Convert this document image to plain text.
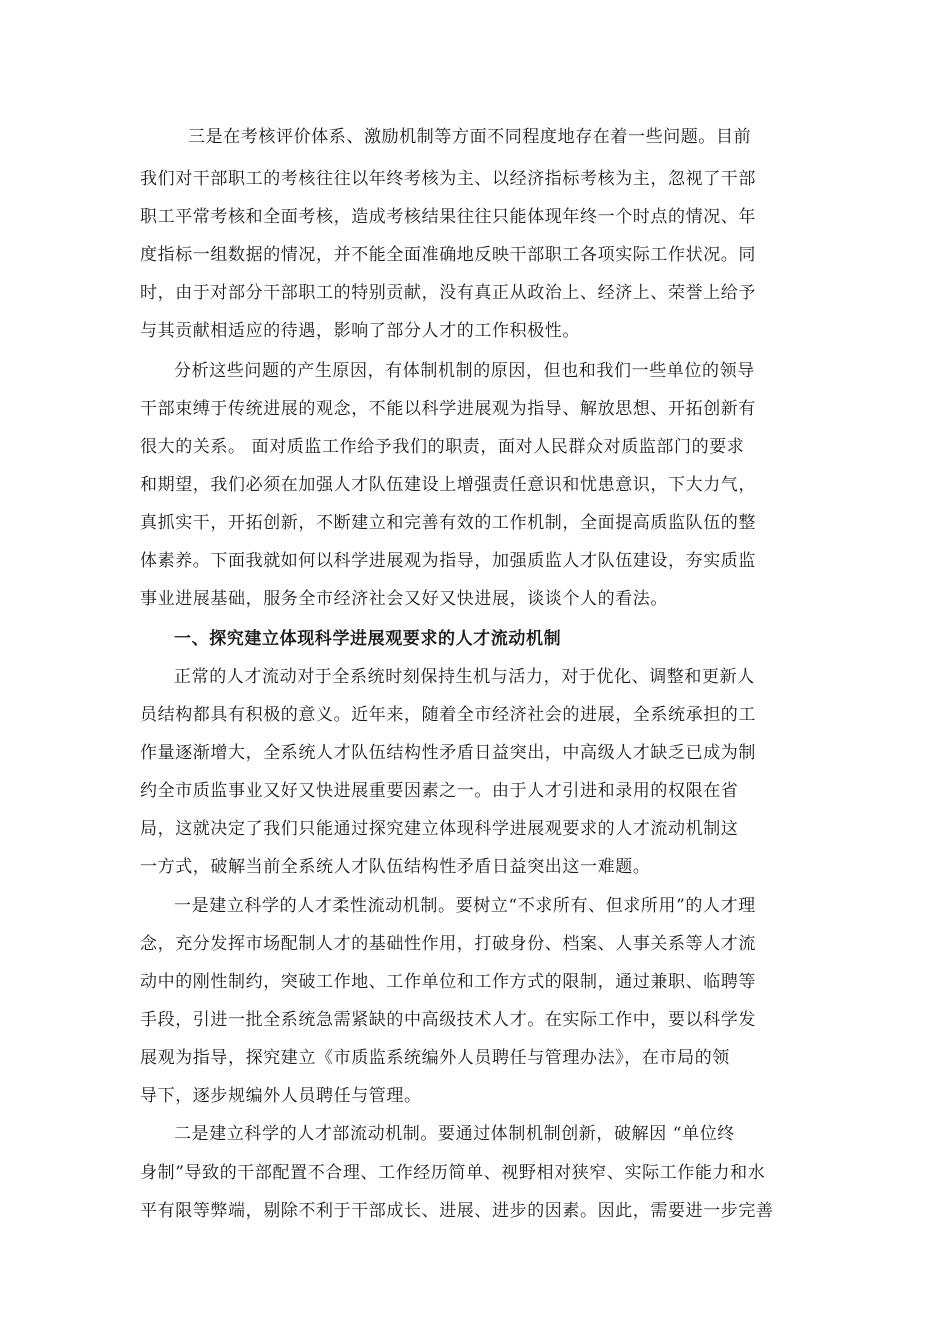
三是在考核评价体系、激励机制等方面不同程度地存在着一些问题。目前
我们对干部职工的考核往往以年终考核为主、以经济指标考核为主，忽视了干部
职工平常考核和全面考核，造成考核结果往往只能体现年终一个时点的情况、年
度指标一组数据的情况，并不能全面准确地反映干部职工各项实际工作状况。同
时，由于对部分干部职工的特别贡献，没有真正从政治上、经济上、荣誉上给予
与其贡献相适应的待遇，影响了部分人才的工作积极性。
分析这些问题的产生原因，有体制机制的原因，但也和我们一些单位的领导
干部束缚于传统进展的观念，不能以科学进展观为指导、解放思想、开拓创新有
很大的关系。 面对质监工作给予我们的职责，面对人民群众对质监部门的要求
和期望，我们必须在加强人才队伍建设上增强责任意识和忧患意识，下大力气，
真抓实干，开拓创新，不断建立和完善有效的工作机制，全面提高质监队伍的整
体素养。下面我就如何以科学进展观为指导，加强质监人才队伍建设，夯实质监
事业进展基础，服务全市经济社会又好又快进展，谈谈个人的看法。
一、探究建立体现科学进展观要求的人才流动机制
正常的人才流动对于全系统时刻保持生机与活力，对于优化、调整和更新人
员结构都具有积极的意义。近年来，随着全市经济社会的进展，全系统承担的工
作量逐渐增大，全系统人才队伍结构性矛盾日益突出，中高级人才缺乏已成为制
约全市质监事业又好又快进展重要因素之一。由于人才引进和录用的权限在省
局，这就决定了我们只能通过探究建立体现科学进展观要求的人才流动机制这
一方式，破解当前全系统人才队伍结构性矛盾日益突出这一难题。
一是建立科学的人才柔性流动机制。要树立“不求所有、但求所用”的人才理
念，充分发挥市场配制人才的基础性作用，打破身份、档案、人事关系等人才流
动中的刚性制约，突破工作地、工作单位和工作方式的限制，通过兼职、临聘等
手段，引进一批全系统急需紧缺的中高级技术人才。在实际工作中，要以科学发
展观为指导，探究建立《市质监系统编外人员聘任与管理办法》，在市局的领
导下，逐步规编外人员聘任与管理。
二是建立科学的人才部流动机制。要通过体制机制创新，破解因 “单位终
身制”导致的干部配置不合理、工作经历简单、视野相对狭窄、实际工作能力和水
平有限等弊端，剔除不利于干部成长、进展、进步的因素。因此，需要进一步完善
